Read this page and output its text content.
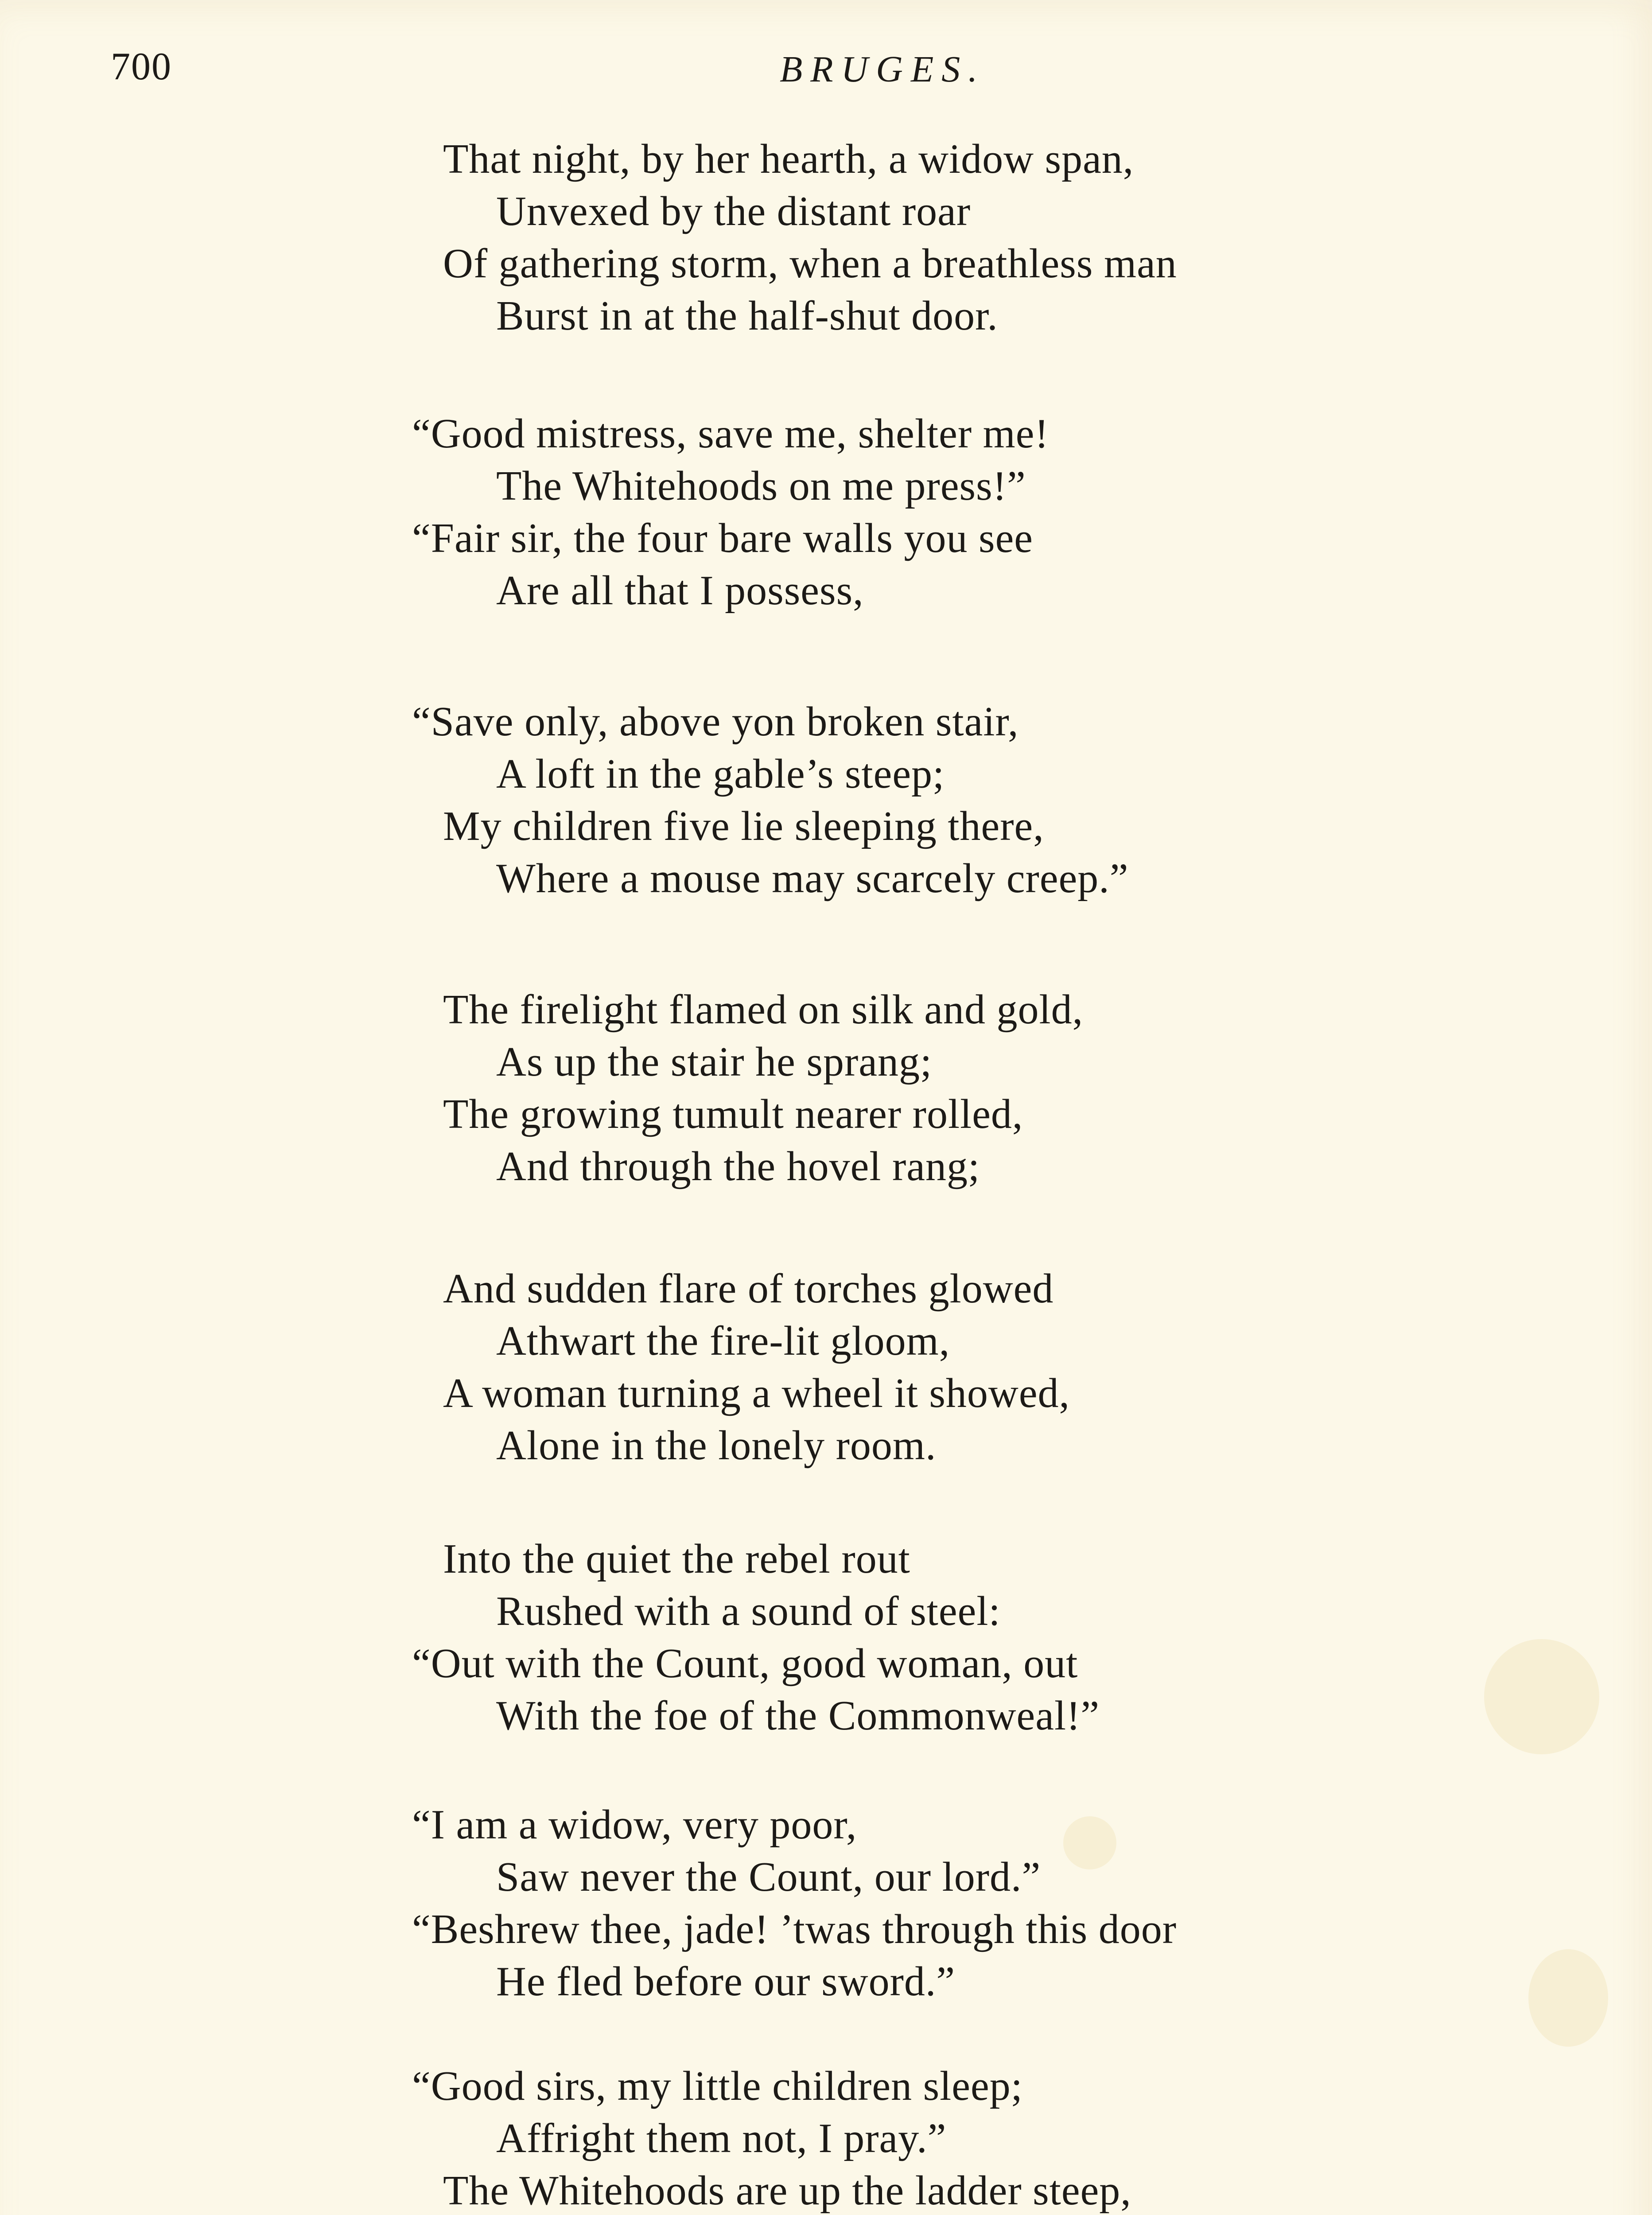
700	BRUGES.
That night, by her hearth, a widow span,
Unvexed by the distant roar
Of gathering storm, when a breathless man
Burst in at the half-shut door.
“Good mistress, save me, shelter me!
The Whitehoods on me press!”
“Fair sir, the four bare walls you see
Are all that I possess,
“Save only, above yon broken stair,
A loft in the gable’s steep;
My children five lie sleeping there,
Where a mouse may scarcely creep.”
The firelight flamed on silk and gold,
As up the stair he sprang;
The growing tumult nearer rolled,
And through the hovel rang;
And sudden flare of torches glowed
Athwart the fire-lit gloom,
A woman turning a wheel it showed,
Alone in the lonely room.
Into the quiet the rebel rout
Rushed with a sound of steel:
“Out with the Count, good woman, out
With the foe of the Commonweal!”
“I am a widow, very poor,
Saw never the Count, our lord.”
“Beshrew thee, jade! ’twas through this door
He fled before our sword.”
“Good sirs, my little children sleep;
Affright them not, I pray.”
The Whitehoods are up the ladder steep,
